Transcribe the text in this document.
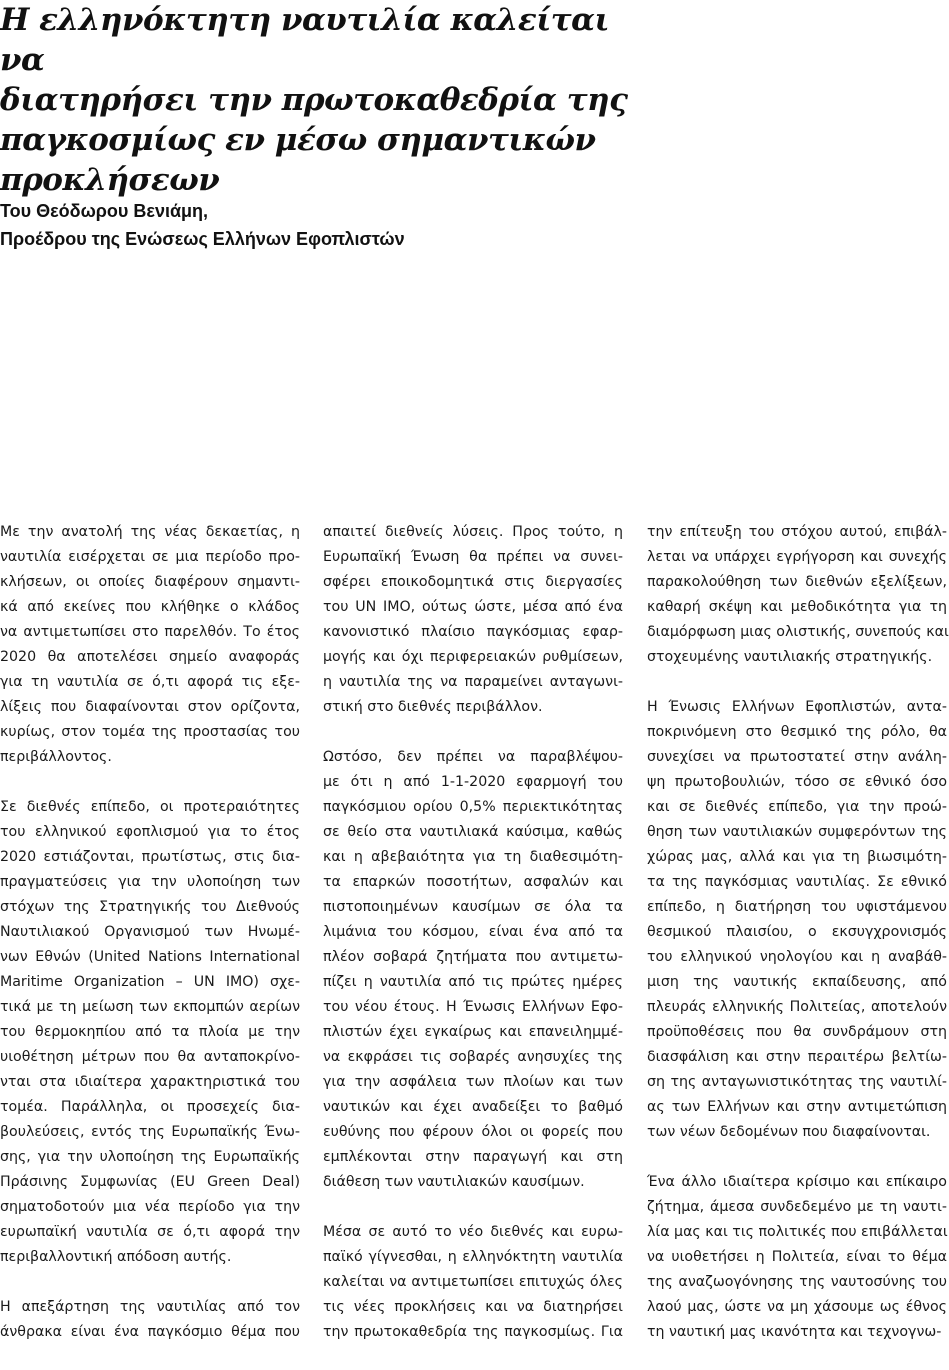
Η ελληνόκτητη ναυτιλία καλείται να
διατηρήσει την πρωτοκαθεδρία της
παγκοσμίως εν μέσω σημαντικών
προκλήσεων
Του Θεόδωρου Βενιάμη,
Προέδρου της Ενώσεως Ελλήνων Εφοπλιστών
Με την ανατολή της νέας δεκαετίας, η
ναυτιλία εισέρχεται σε μια περίοδο προ-
κλήσεων, οι οποίες διαφέρουν σημαντι-
κά από εκείνες που κλήθηκε ο κλάδος
να αντιμετωπίσει στο παρελθόν. Το έτος
2020 θα αποτελέσει σημείο αναφοράς
για τη ναυτιλία σε ό,τι αφορά τις εξε-
λίξεις που διαφαίνονται στον ορίζοντα,
κυρίως, στον τομέα της προστασίας του
περιβάλλοντος.
Σε διεθνές επίπεδο, οι προτεραιότητες
του ελληνικού εφοπλισμού για το έτος
2020 εστιάζονται, πρωτίστως, στις δια-
πραγματεύσεις για την υλοποίηση των
στόχων της Στρατηγικής του Διεθνούς
Ναυτιλιακού Οργανισμού των Ηνωμέ-
νων Εθνών (United Nations International
Maritime Organization – UN IMO) σχε-
τικά με τη μείωση των εκπομπών αερίων
του θερμοκηπίου από τα πλοία με την
υιοθέτηση μέτρων που θα ανταποκρίνο-
νται στα ιδιαίτερα χαρακτηριστικά του
τομέα. Παράλληλα, οι προσεχείς δια-
βουλεύσεις, εντός της Ευρωπαϊκής Ένω-
σης, για την υλοποίηση της Ευρωπαϊκής
Πράσινης Συμφωνίας (EU Green Deal)
σηματοδοτούν μια νέα περίοδο για την
ευρωπαϊκή ναυτιλία σε ό,τι αφορά την
περιβαλλοντική απόδοση αυτής.
Η απεξάρτηση της ναυτιλίας από τον
άνθρακα είναι ένα παγκόσμιο θέμα που
απαιτεί διεθνείς λύσεις. Προς τούτο, η
Ευρωπαϊκή Ένωση θα πρέπει να συνει-
σφέρει εποικοδομητικά στις διεργασίες
του UN IMO, ούτως ώστε, μέσα από ένα
κανονιστικό πλαίσιο παγκόσμιας εφαρ-
μογής και όχι περιφερειακών ρυθμίσεων,
η ναυτιλία της να παραμείνει ανταγωνι-
στική στο διεθνές περιβάλλον.
Ωστόσο, δεν πρέπει να παραβλέψου-
με ότι η από 1-1-2020 εφαρμογή του
παγκόσμιου ορίου 0,5% περιεκτικότητας
σε θείο στα ναυτιλιακά καύσιμα, καθώς
και η αβεβαιότητα για τη διαθεσιμότη-
τα επαρκών ποσοτήτων, ασφαλών και
πιστοποιημένων καυσίμων σε όλα τα
λιμάνια του κόσμου, είναι ένα από τα
πλέον σοβαρά ζητήματα που αντιμετω-
πίζει η ναυτιλία από τις πρώτες ημέρες
του νέου έτους. Η Ένωσις Ελλήνων Εφο-
πλιστών έχει εγκαίρως και επανειλημμέ-
να εκφράσει τις σοβαρές ανησυχίες της
για την ασφάλεια των πλοίων και των
ναυτικών και έχει αναδείξει το βαθμό
ευθύνης που φέρουν όλοι οι φορείς που
εμπλέκονται στην παραγωγή και στη
διάθεση των ναυτιλιακών καυσίμων.
Μέσα σε αυτό το νέο διεθνές και ευρω-
παϊκό γίγνεσθαι, η ελληνόκτητη ναυτιλία
καλείται να αντιμετωπίσει επιτυχώς όλες
τις νέες προκλήσεις και να διατηρήσει
την πρωτοκαθεδρία της παγκοσμίως. Για
την επίτευξη του στόχου αυτού, επιβάλ-
λεται να υπάρχει εγρήγορση και συνεχής
παρακολούθηση των διεθνών εξελίξεων,
καθαρή σκέψη και μεθοδικότητα για τη
διαμόρφωση μιας ολιστικής, συνεπούς και
στοχευμένης ναυτιλιακής στρατηγικής.
Η Ένωσις Ελλήνων Εφοπλιστών, αντα-
ποκρινόμενη στο θεσμικό της ρόλο, θα
συνεχίσει να πρωτοστατεί στην ανάλη-
ψη πρωτοβουλιών, τόσο σε εθνικό όσο
και σε διεθνές επίπεδο, για την προώ-
θηση των ναυτιλιακών συμφερόντων της
χώρας μας, αλλά και για τη βιωσιμότη-
τα της παγκόσμιας ναυτιλίας. Σε εθνικό
επίπεδο, η διατήρηση του υφιστάμενου
θεσμικού πλαισίου, ο εκσυγχρονισμός
του ελληνικού νηολογίου και η αναβάθ-
μιση της ναυτικής εκπαίδευσης, από
πλευράς ελληνικής Πολιτείας, αποτελούν
προϋποθέσεις που θα συνδράμουν στη
διασφάλιση και στην περαιτέρω βελτίω-
ση της ανταγωνιστικότητας της ναυτιλί-
ας των Ελλήνων και στην αντιμετώπιση
των νέων δεδομένων που διαφαίνονται.
Ένα άλλο ιδιαίτερα κρίσιμο και επίκαιρο
ζήτημα, άμεσα συνδεδεμένο με τη ναυτι-
λία μας και τις πολιτικές που επιβάλλεται
να υιοθετήσει η Πολιτεία, είναι το θέμα
της αναζωογόνησης της ναυτοσύνης του
λαού μας, ώστε να μη χάσουμε ως έθνος
τη ναυτική μας ικανότητα και τεχνογνω-
